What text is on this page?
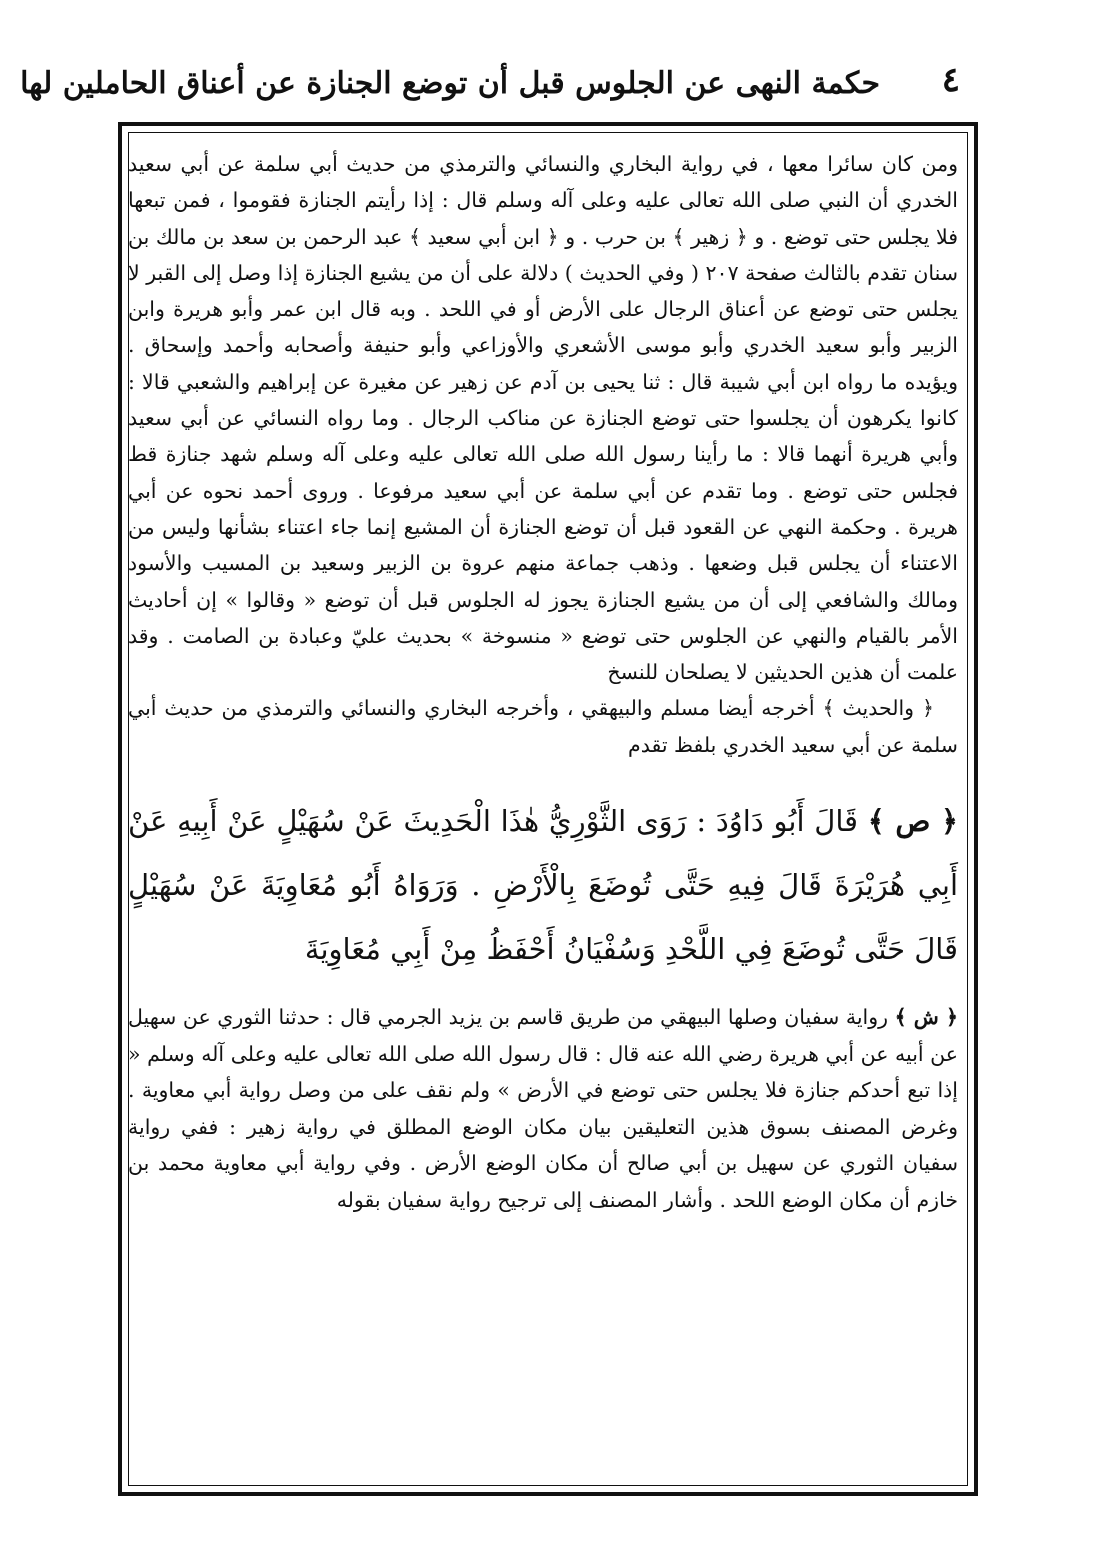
٤
حكمة النهى عن الجلوس قبل أن توضع الجنازة عن أعناق الحاملين لها

ومن كان سائرا معها ، في رواية البخاري والنسائي والترمذي من حديث أبي سلمة عن أبي سعيد الخدري أن النبي صلى الله تعالى عليه وعلى آله وسلم قال : إذا رأيتم الجنازة فقوموا ، فمن تبعها فلا يجلس حتى توضع . و ﴿ زهير ﴾ بن حرب . و ﴿ ابن أبي سعيد ﴾ عبد الرحمن بن سعد بن مالك بن سنان تقدم بالثالث صفحة ٢٠٧ ( وفي الحديث ) دلالة على أن من يشيع الجنازة إذا وصل إلى القبر لا يجلس حتى توضع عن أعناق الرجال على الأرض أو في اللحد . وبه قال ابن عمر وأبو هريرة وابن الزبير وأبو سعيد الخدري وأبو موسى الأشعري والأوزاعي وأبو حنيفة وأصحابه وأحمد وإسحاق . ويؤيده ما رواه ابن أبي شيبة قال : ثنا يحيى بن آدم عن زهير عن مغيرة عن إبراهيم والشعبي قالا : كانوا يكرهون أن يجلسوا حتى توضع الجنازة عن مناكب الرجال . وما رواه النسائي عن أبي سعيد وأبي هريرة أنهما قالا : ما رأينا رسول الله صلى الله تعالى عليه وعلى آله وسلم شهد جنازة قط فجلس حتى توضع . وما تقدم عن أبي سلمة عن أبي سعيد مرفوعا . وروى أحمد نحوه عن أبي هريرة . وحكمة النهي عن القعود قبل أن توضع الجنازة أن المشيع إنما جاء اعتناء بشأنها وليس من الاعتناء أن يجلس قبل وضعها . وذهب جماعة منهم عروة بن الزبير وسعيد بن المسيب والأسود ومالك والشافعي إلى أن من يشيع الجنازة يجوز له الجلوس قبل أن توضع « وقالوا » إن أحاديث الأمر بالقيام والنهي عن الجلوس حتى توضع « منسوخة » بحديث عليّ وعبادة بن الصامت . وقد علمت أن هذين الحديثين لا يصلحان للنسخ

﴿ والحديث ﴾ أخرجه أيضا مسلم والبيهقي ، وأخرجه البخاري والنسائي والترمذي من حديث أبي سلمة عن أبي سعيد الخدري بلفظ تقدم

﴿ ص ﴾ قَالَ أَبُو دَاوُدَ : رَوَى الثَّوْرِيُّ هٰذَا الْحَدِيثَ عَنْ سُهَيْلٍ عَنْ أَبِيهِ عَنْ أَبِي هُرَيْرَةَ قَالَ فِيهِ حَتَّى تُوضَعَ بِالْأَرْضِ . وَرَوَاهُ أَبُو مُعَاوِيَةَ عَنْ سُهَيْلٍ قَالَ حَتَّى تُوضَعَ فِي اللَّحْدِ وَسُفْيَانُ أَحْفَظُ مِنْ أَبِي مُعَاوِيَةَ

﴿ ش ﴾ رواية سفيان وصلها البيهقي من طريق قاسم بن يزيد الجرمي قال : حدثنا الثوري عن سهيل عن أبيه عن أبي هريرة رضي الله عنه قال : قال رسول الله صلى الله تعالى عليه وعلى آله وسلم « إذا تبع أحدكم جنازة فلا يجلس حتى توضع في الأرض » ولم نقف على من وصل رواية أبي معاوية . وغرض المصنف بسوق هذين التعليقين بيان مكان الوضع المطلق في رواية زهير : ففي رواية سفيان الثوري عن سهيل بن أبي صالح أن مكان الوضع الأرض . وفي رواية أبي معاوية محمد بن خازم أن مكان الوضع اللحد . وأشار المصنف إلى ترجيح رواية سفيان بقوله
